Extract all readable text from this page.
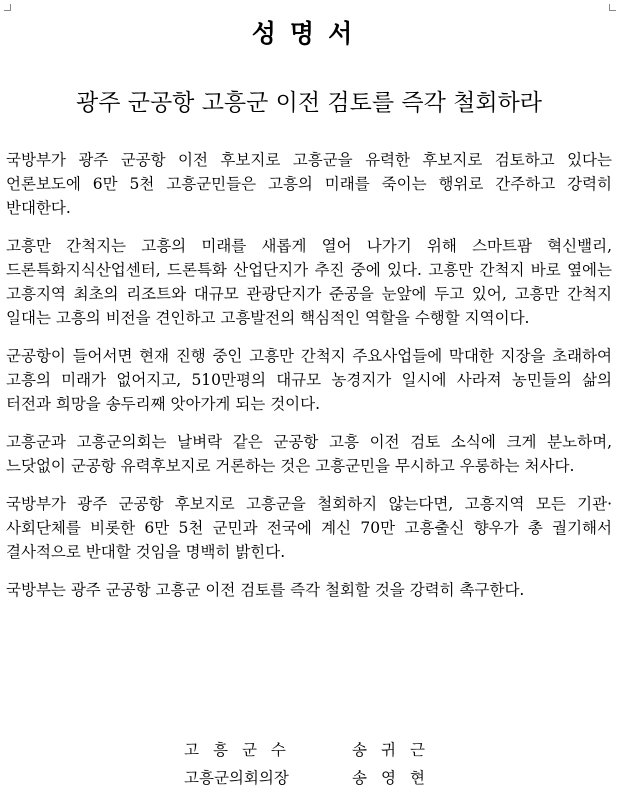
성명서
광주 군공항 고흥군 이전 검토를 즉각 철회하라

국방부가 광주 군공항 이전 후보지로 고흥군을 유력한 후보지로 검토하고 있다는 언론보도에 6만 5천 고흥군민들은 고흥의 미래를 죽이는 행위로 간주하고 강력히 반대한다.

고흥만 간척지는 고흥의 미래를 새롭게 열어 나가기 위해 스마트팜 혁신밸리, 드론특화지식산업센터, 드론특화 산업단지가 추진 중에 있다. 고흥만 간척지 바로 옆에는 고흥지역 최초의 리조트와 대규모 관광단지가 준공을 눈앞에 두고 있어, 고흥만 간척지 일대는 고흥의 비전을 견인하고 고흥발전의 핵심적인 역할을 수행할 지역이다.

군공항이 들어서면 현재 진행 중인 고흥만 간척지 주요사업들에 막대한 지장을 초래하여 고흥의 미래가 없어지고, 510만평의 대규모 농경지가 일시에 사라져 농민들의 삶의 터전과 희망을 송두리째 앗아가게 되는 것이다.

고흥군과 고흥군의회는 날벼락 같은 군공항 고흥 이전 검토 소식에 크게 분노하며, 느닷없이 군공항 유력후보지로 거론하는 것은 고흥군민을 무시하고 우롱하는 처사다.

국방부가 광주 군공항 후보지로 고흥군을 철회하지 않는다면, 고흥지역 모든 기관·사회단체를 비롯한 6만 5천 군민과 전국에 계신 70만 고흥출신 향우가 총 궐기해서 결사적으로 반대할 것임을 명백히 밝힌다.

국방부는 광주 군공항 고흥군 이전 검토를 즉각 철회할 것을 강력히 촉구한다.

고흥군수	송귀근
고흥군의회의장	송영현
